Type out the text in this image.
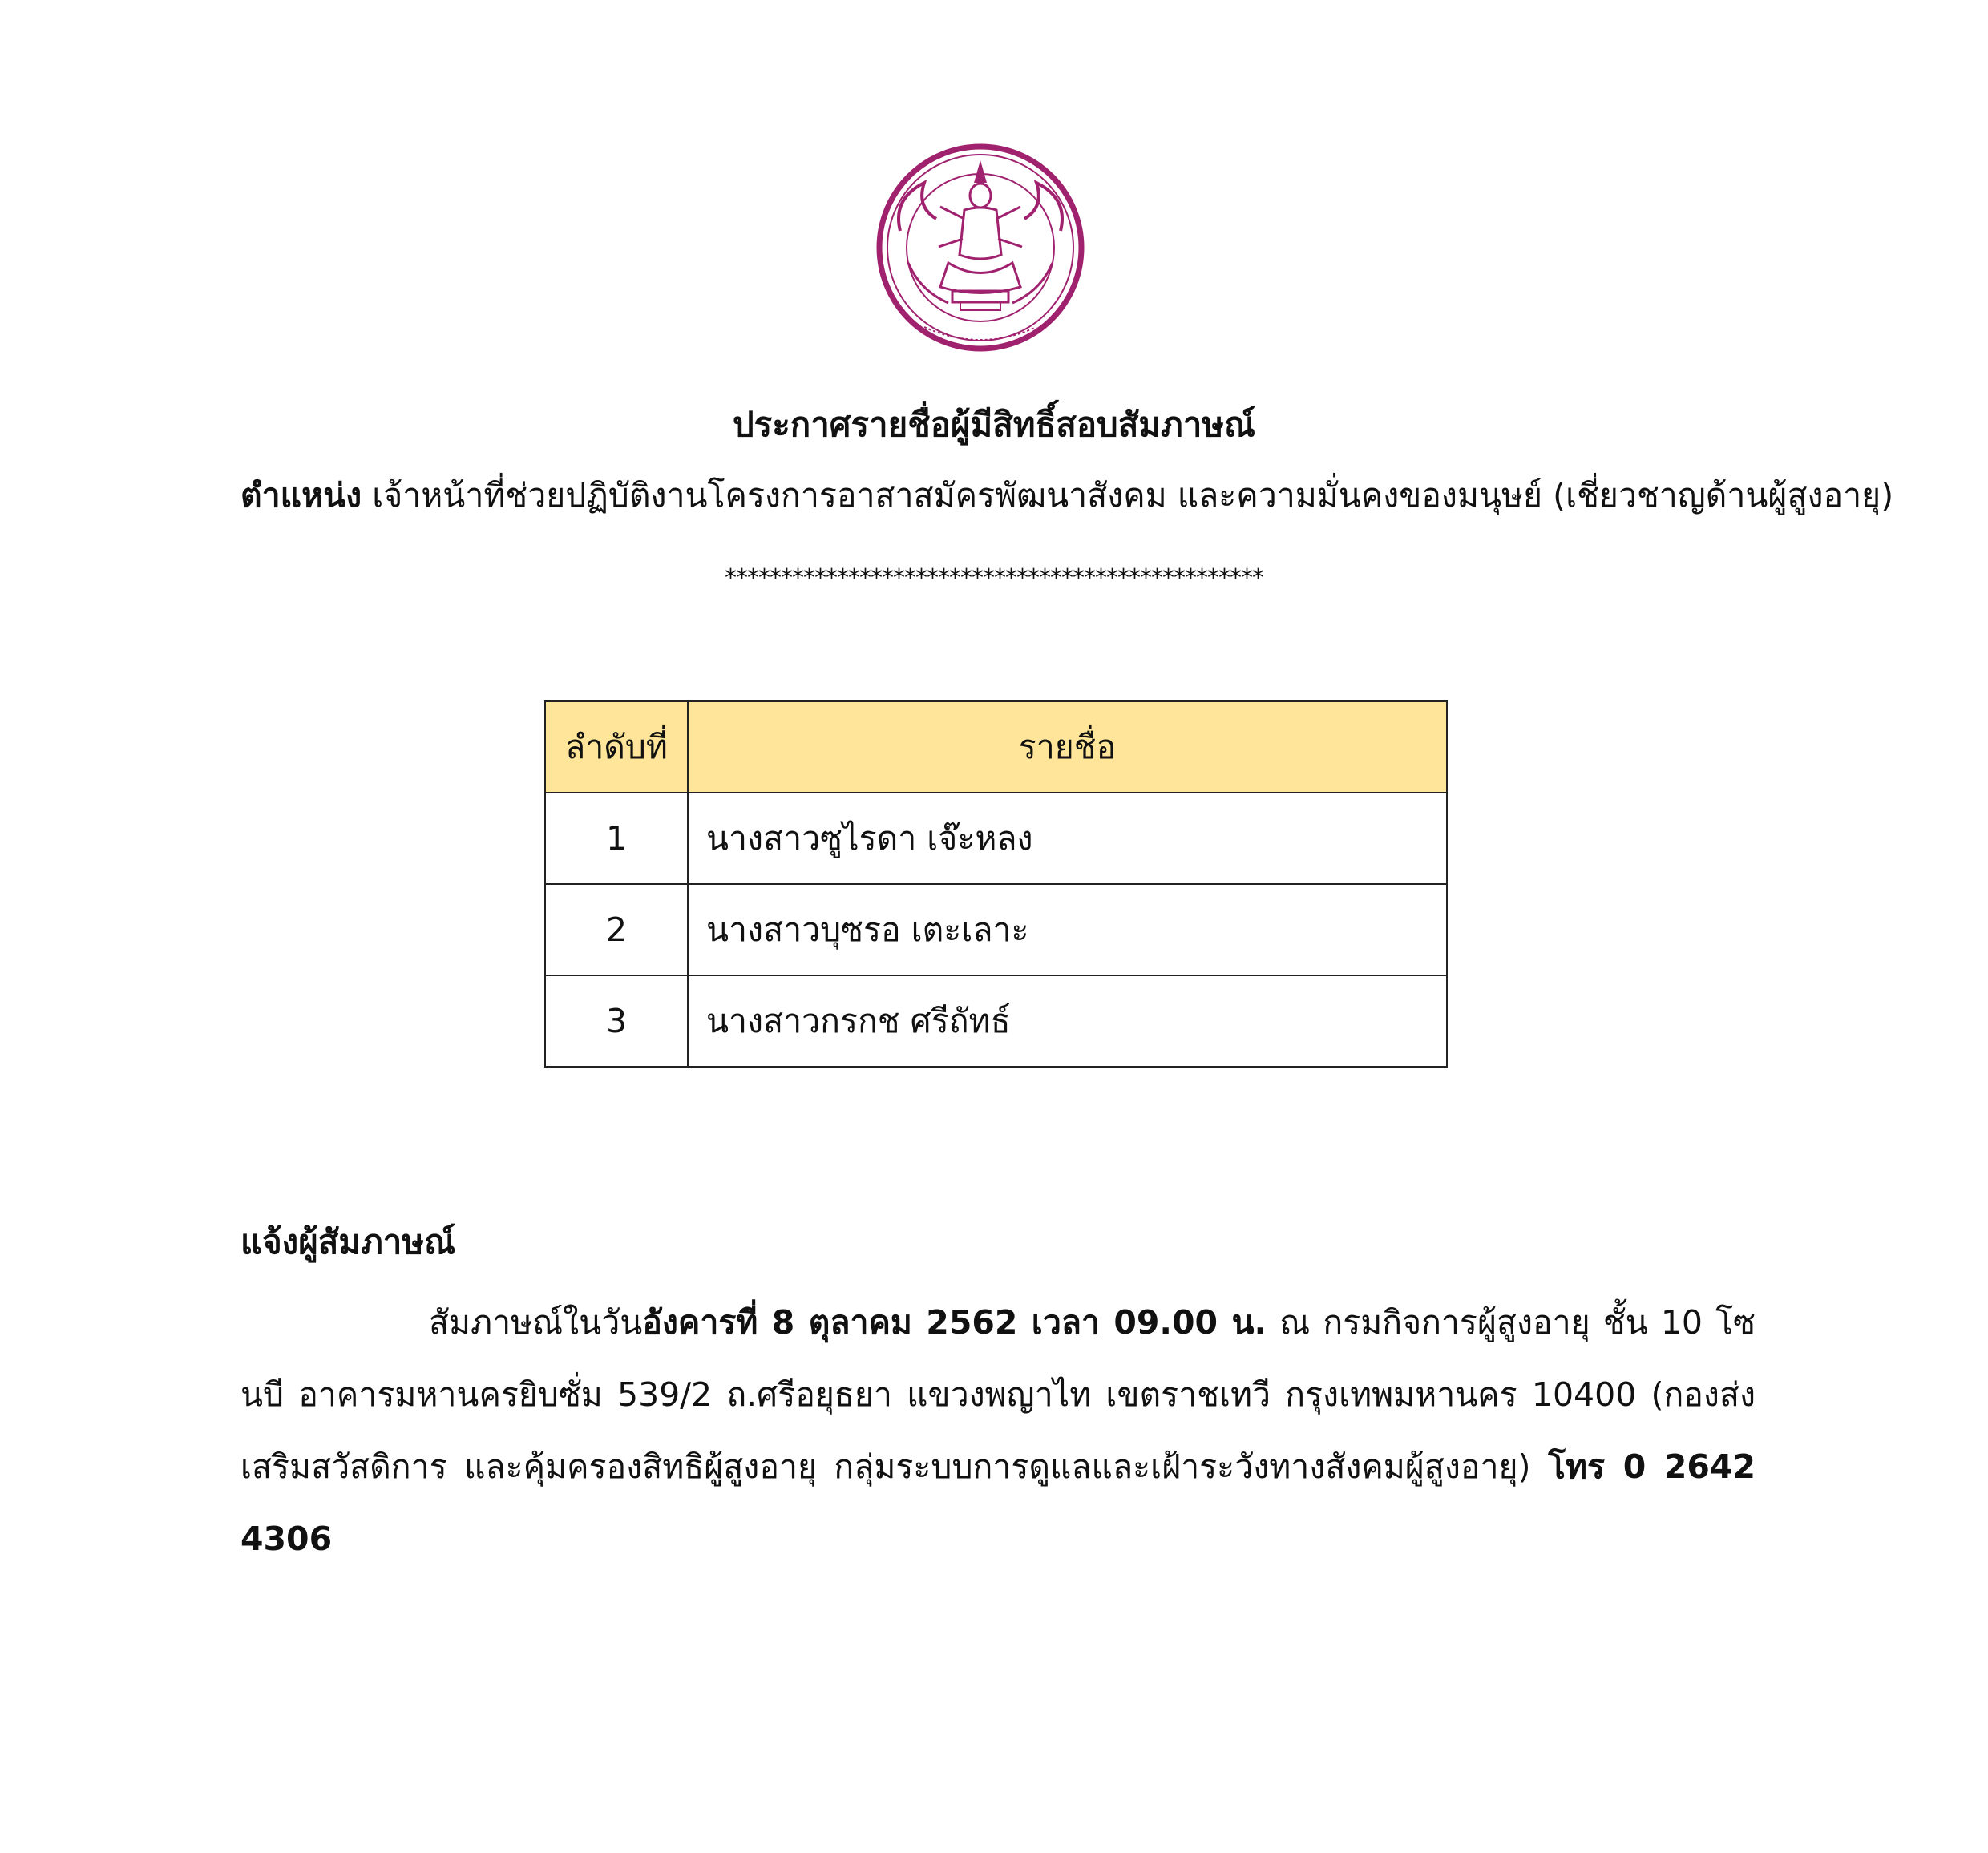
ประกาศรายชื่อผู้มีสิทธิ์สอบสัมภาษณ์
ตำแหน่ง เจ้าหน้าที่ช่วยปฏิบัติงานโครงการอาสาสมัครพัฒนาสังคม และความมั่นคงของมนุษย์ (เชี่ยวชาญด้านผู้สูงอายุ)
************************************************
ลำดับที่	รายชื่อ
1	นางสาวซูไรดา เจ๊ะหลง
2	นางสาวบุซรอ เตะเลาะ
3	นางสาวกรกช ศรีถัทธ์
แจ้งผู้สัมภาษณ์
สัมภาษณ์ในวันอังคารที่ 8 ตุลาคม 2562 เวลา 09.00 น. ณ กรมกิจการผู้สูงอายุ ชั้น 10 โซนบี อาคารมหานครยิบซั่ม 539/2 ถ.ศรีอยุธยา แขวงพญาไท เขตราชเทวี กรุงเทพมหานคร 10400 (กองส่งเสริมสวัสดิการ และคุ้มครองสิทธิผู้สูงอายุ กลุ่มระบบการดูแลและเฝ้าระวังทางสังคมผู้สูงอายุ) โทร 0 2642 4306
